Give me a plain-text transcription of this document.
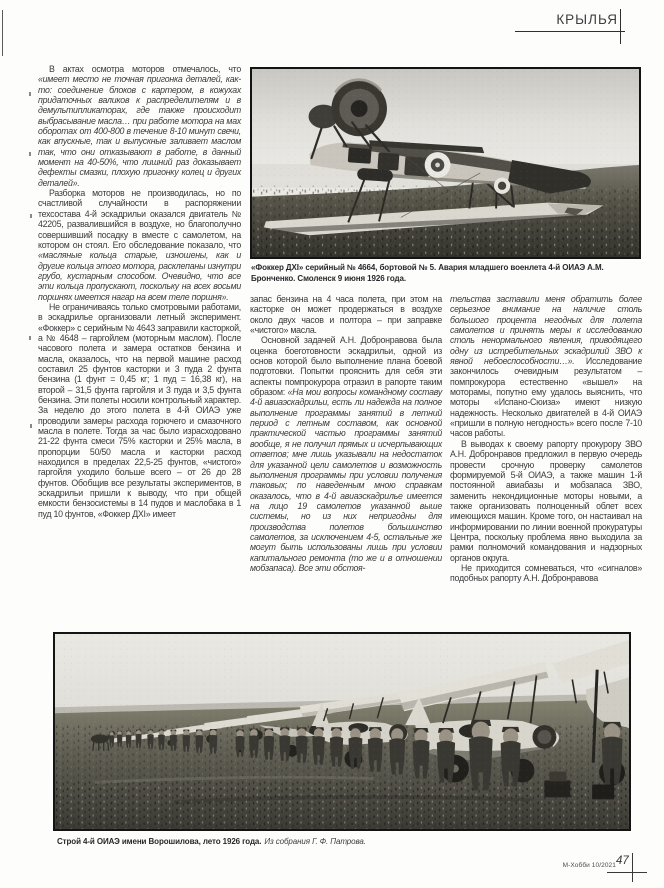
КРЫЛЬЯ

В актах осмотра моторов отмечалось, что «имеет место не точная пригонка деталей, как-то: соединение блоков с картером, в кожухах придаточных валиков к распределителям и в демультипликаторах, где также происходит выбрасывание масла… при работе мотора на мах оборотах от 400-800 в течение 8-10 минут свечи, как впускные, так и выпускные заливает маслом так, что они отказывают в работе, в данный момент на 40-50%, что лишний раз доказывает дефекты смазки, плохую пригонку колец и других деталей».

Разборка моторов не производилась, но по счастливой случайности в распоряжении техсостава 4-й эскадрильи оказался двигатель № 42205, развалившийся в воздухе, но благополучно совершивший посадку в вместе с самолетом, на котором он стоял. Его обследование показало, что «масляные кольца старые, изношены, как и другие кольца этого мотора, расклепаны изнутри грубо, кустарным способом. Очевидно, что все эти кольца пропускают, поскольку на всех восьми поршнях имеется нагар на всем теле поршня».

Не ограничиваясь только смотровыми работами, в эскадрилье организовали летный эксперимент. «Фоккер» с серийным № 4643 заправили касторкой, а № 4648 – гаргойлем (моторным маслом). После часового полета и замера остатков бензина и масла, оказалось, что на первой машине расход составил 25 фунтов касторки и 3 пуда 2 фунта бензина (1 фунт = 0,45 кг; 1 пуд = 16,38 кг), на второй – 31,5 фунта гаргойля и 3 пуда и 3,5 фунта бензина. Эти полеты носили контрольный характер. За неделю до этого полета в 4-й ОИАЭ уже проводили замеры расхода горючего и смазочного масла в полете. Тогда за час было израсходовано 21-22 фунта смеси 75% касторки и 25% масла, в пропорции 50/50 масла и касторки расход находился в пределах 22,5-25 фунтов, «чистого» гаргойля уходило больше всего – от 26 до 28 фунтов. Обобщив все результаты экспериментов, в эскадрильи пришли к выводу, что при общей емкости бензосистемы в 14 пудов и маслобака в 1 пуд 10 фунтов, «Фоккер ДХI» имеет

«Фоккер ДХI» серийный № 4664, бортовой № 5. Авария младшего военлета 4-й ОИАЭ А.М. Бронченко. Смоленск 9 июня 1926 года.

запас бензина на 4 часа полета, при этом на касторке он может продержаться в воздухе около двух часов и полтора – при заправке «чистого» масла.

Основной задачей А.Н. Добронравова была оценка боеготовности эскадрильи, одной из основ которой было выполнение плана боевой подготовки. Попытки прояснить для себя эти аспекты помпрокурора отразил в рапорте таким образом: «На мои вопросы командному составу 4-й авиаэскадрильи, есть ли надежда на полное выполнение программы занятий в летний период с летным составом, как основной практической частью программы занятий вообще, я не получил прямых и исчерпывающих ответов; мне лишь указывали на недостаток для указанной цели самолетов и возможность выполнения программы при условии получения таковых; по наведенным мною справкам оказалось, что в 4-й авиаэскадрилье имеется на лицо 19 самолетов указанной выше системы, но из них непригодны для производства полетов большинство самолетов, за исключением 4-5, остальные же могут быть использованы лишь при условии капитального ремонта (то же и в отношении мобзапаса). Все эти обстоя-

тельства заставили меня обратить более серьезное внимание на наличие столь большого процента негодных для полета самолетов и принять меры к исследованию столь ненормального явления, приводящего одну из истребительных эскадрилий ЗВО к явной небоеспособности…». Исследование закончилось очевидным результатом – помпрокурора естественно «вышел» на моторамы, попутно ему удалось выяснить, что моторы «Испано-Сюиза» имеют низкую надежность. Несколько двигателей в 4-й ОИАЭ «пришли в полную негодность» всего после 7-10 часов работы.

В выводах к своему рапорту прокурору ЗВО А.Н. Добронравов предложил в первую очередь провести срочную проверку самолетов формируемой 5-й ОИАЭ, а также машин 1-й постоянной авиабазы и мобзапаса ЗВО, заменить некондиционные моторы новыми, а также организовать полноценный облет всех имеющихся машин. Кроме того, он настаивал на информировании по линии военной прокуратуры Центра, поскольку проблема явно выходила за рамки полномочий командования и надзорных органов округа.

Не приходится сомневаться, что «сигналов» подобных рапорту А.Н. Добронравова

Строй 4-й ОИАЭ имени Ворошилова, лето 1926 года. Из собрания Г. Ф. Патрова.
М-Хобби 10/2021 47
